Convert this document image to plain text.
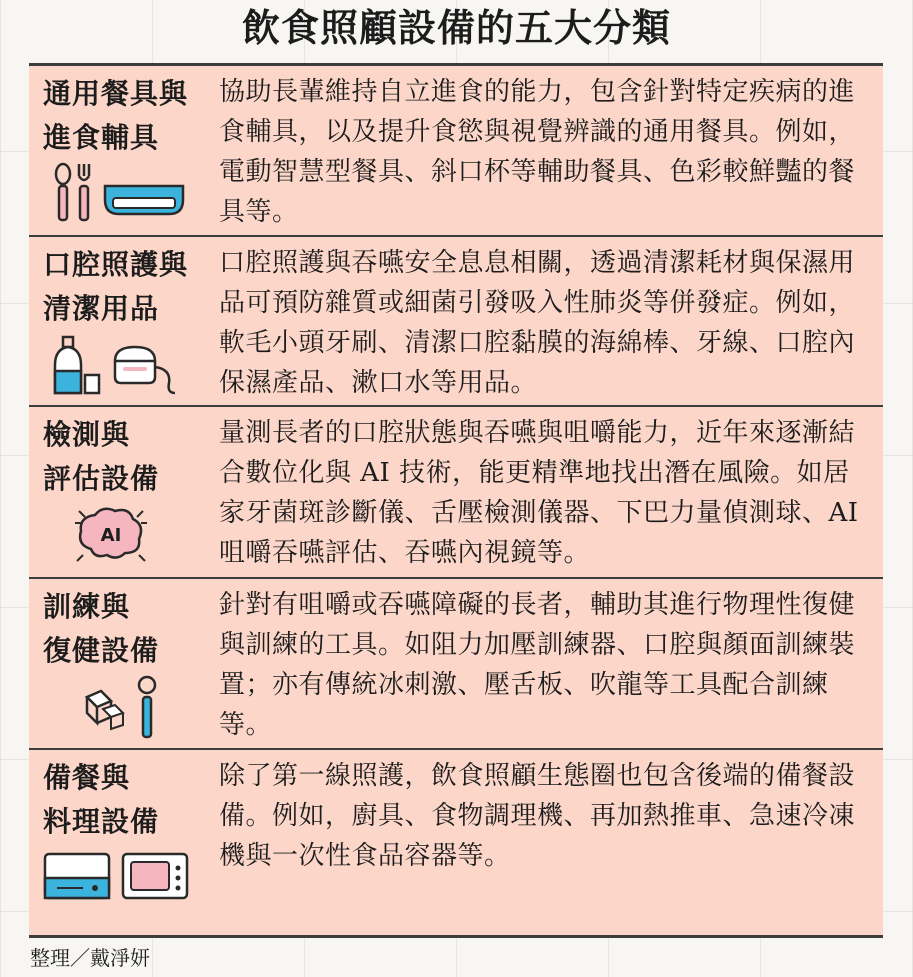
飲食照顧設備的五大分類
通用餐具與
進食輔具
協助長輩維持自立進食的能力，包含針對特定疾病的進食輔具，以及提升食慾與視覺辨識的通用餐具。例如，電動智慧型餐具、斜口杯等輔助餐具、色彩較鮮豔的餐具等。
口腔照護與
清潔用品
口腔照護與吞嚥安全息息相關，透過清潔耗材與保濕用品可預防雜質或細菌引發吸入性肺炎等併發症。例如，軟毛小頭牙刷、清潔口腔黏膜的海綿棒、牙線、口腔內保濕產品、漱口水等用品。
檢測與
評估設備
量測長者的口腔狀態與吞嚥與咀嚼能力，近年來逐漸結合數位化與 AI 技術，能更精準地找出潛在風險。如居家牙菌斑診斷儀、舌壓檢測儀器、下巴力量偵測球、AI 咀嚼吞嚥評估、吞嚥內視鏡等。
AI
訓練與
復健設備
針對有咀嚼或吞嚥障礙的長者，輔助其進行物理性復健與訓練的工具。如阻力加壓訓練器、口腔與顏面訓練裝置；亦有傳統冰刺激、壓舌板、吹龍等工具配合訓練等。
備餐與
料理設備
除了第一線照護，飲食照顧生態圈也包含後端的備餐設備。例如，廚具、食物調理機、再加熱推車、急速冷凍機與一次性食品容器等。
整理／戴淨妍
